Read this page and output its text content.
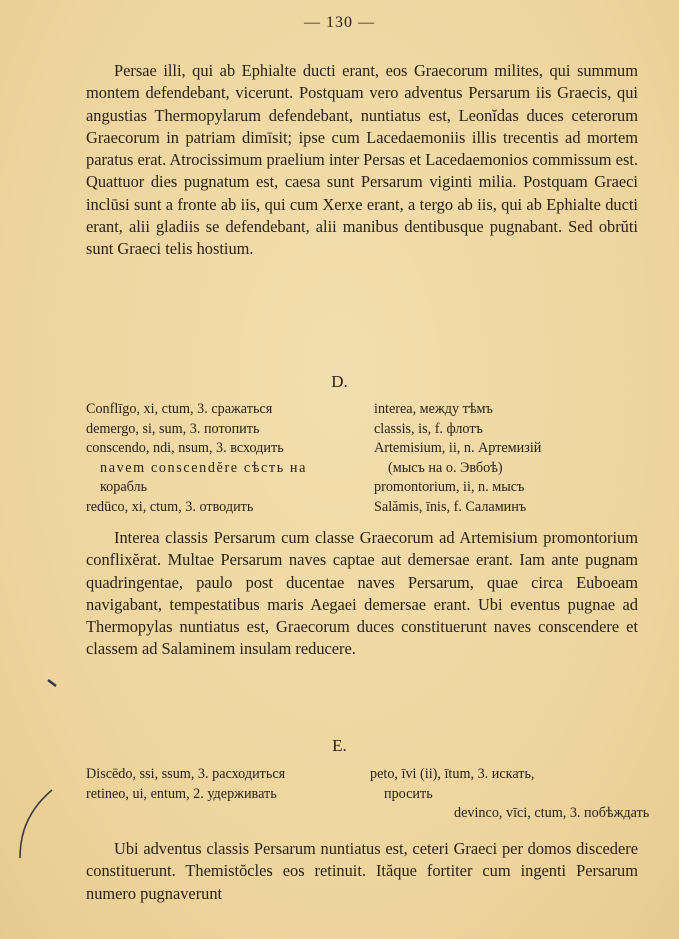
— 130 —

Persae illi, qui ab Ephialte ducti erant, eos Graecorum milites, qui summum montem defendebant, vicerunt. Postquam vero adventus Persarum iis Graecis, qui angustias Thermopylarum defendebant, nuntiatus est, Leonĭdas duces ceterorum Graecorum in patriam dimīsit; ipse cum Lacedaemoniis illis trecentis ad mortem paratus erat. Atrocissimum praelium inter Persas et Lacedaemonios commissum est. Quattuor dies pugnatum est, caesa sunt Persarum viginti milia. Postquam Graeci inclūsi sunt a fronte ab iis, qui cum Xerxe erant, a tergo ab iis, qui ab Ephialte ducti erant, alii gladiis se defendebant, alii manibus dentibusque pugnabant. Sed obrŭti sunt Graeci telis hostium.

D.
Conflīgo, xi, ctum, 3. сражаться
demergo, si, sum, 3. потопить
conscendo, ndi, nsum, 3. всходить
navem conscendĕre сѣсть на
корабль
redūco, xi, ctum, 3. отводить
interea, между тѣмъ
classis, is, f. флотъ
Artemisium, ii, n. Артемизій
(мысъ на о. Эвбоѣ)
promontorium, ii, n. мысъ
Salămis, īnis, f. Саламинъ

Interea classis Persarum cum classe Graecorum ad Artemisium promontorium conflixĕrat. Multae Persarum naves captae aut demersae erant. Iam ante pugnam quadringentae, paulo post ducentae naves Persarum, quae circa Euboeam navigabant, tempestatibus maris Aegaei demersae erant. Ubi eventus pugnae ad Thermopylas nuntiatus est, Graecorum duces constituerunt naves conscendere et classem ad Salaminem insulam reducere.

E.
Discēdo, ssi, ssum, 3. расходиться
retineo, ui, entum, 2. удерживать
peto, īvi (ii), ītum, 3. искать,
просить
devinco, vīci, ctum, 3. побѣждать

Ubi adventus classis Persarum nuntiatus est, ceteri Graeci per domos discedere constituerunt. Themistŏcles eos retinuit. Ităque fortiter cum ingenti Persarum numero pugnaverunt
